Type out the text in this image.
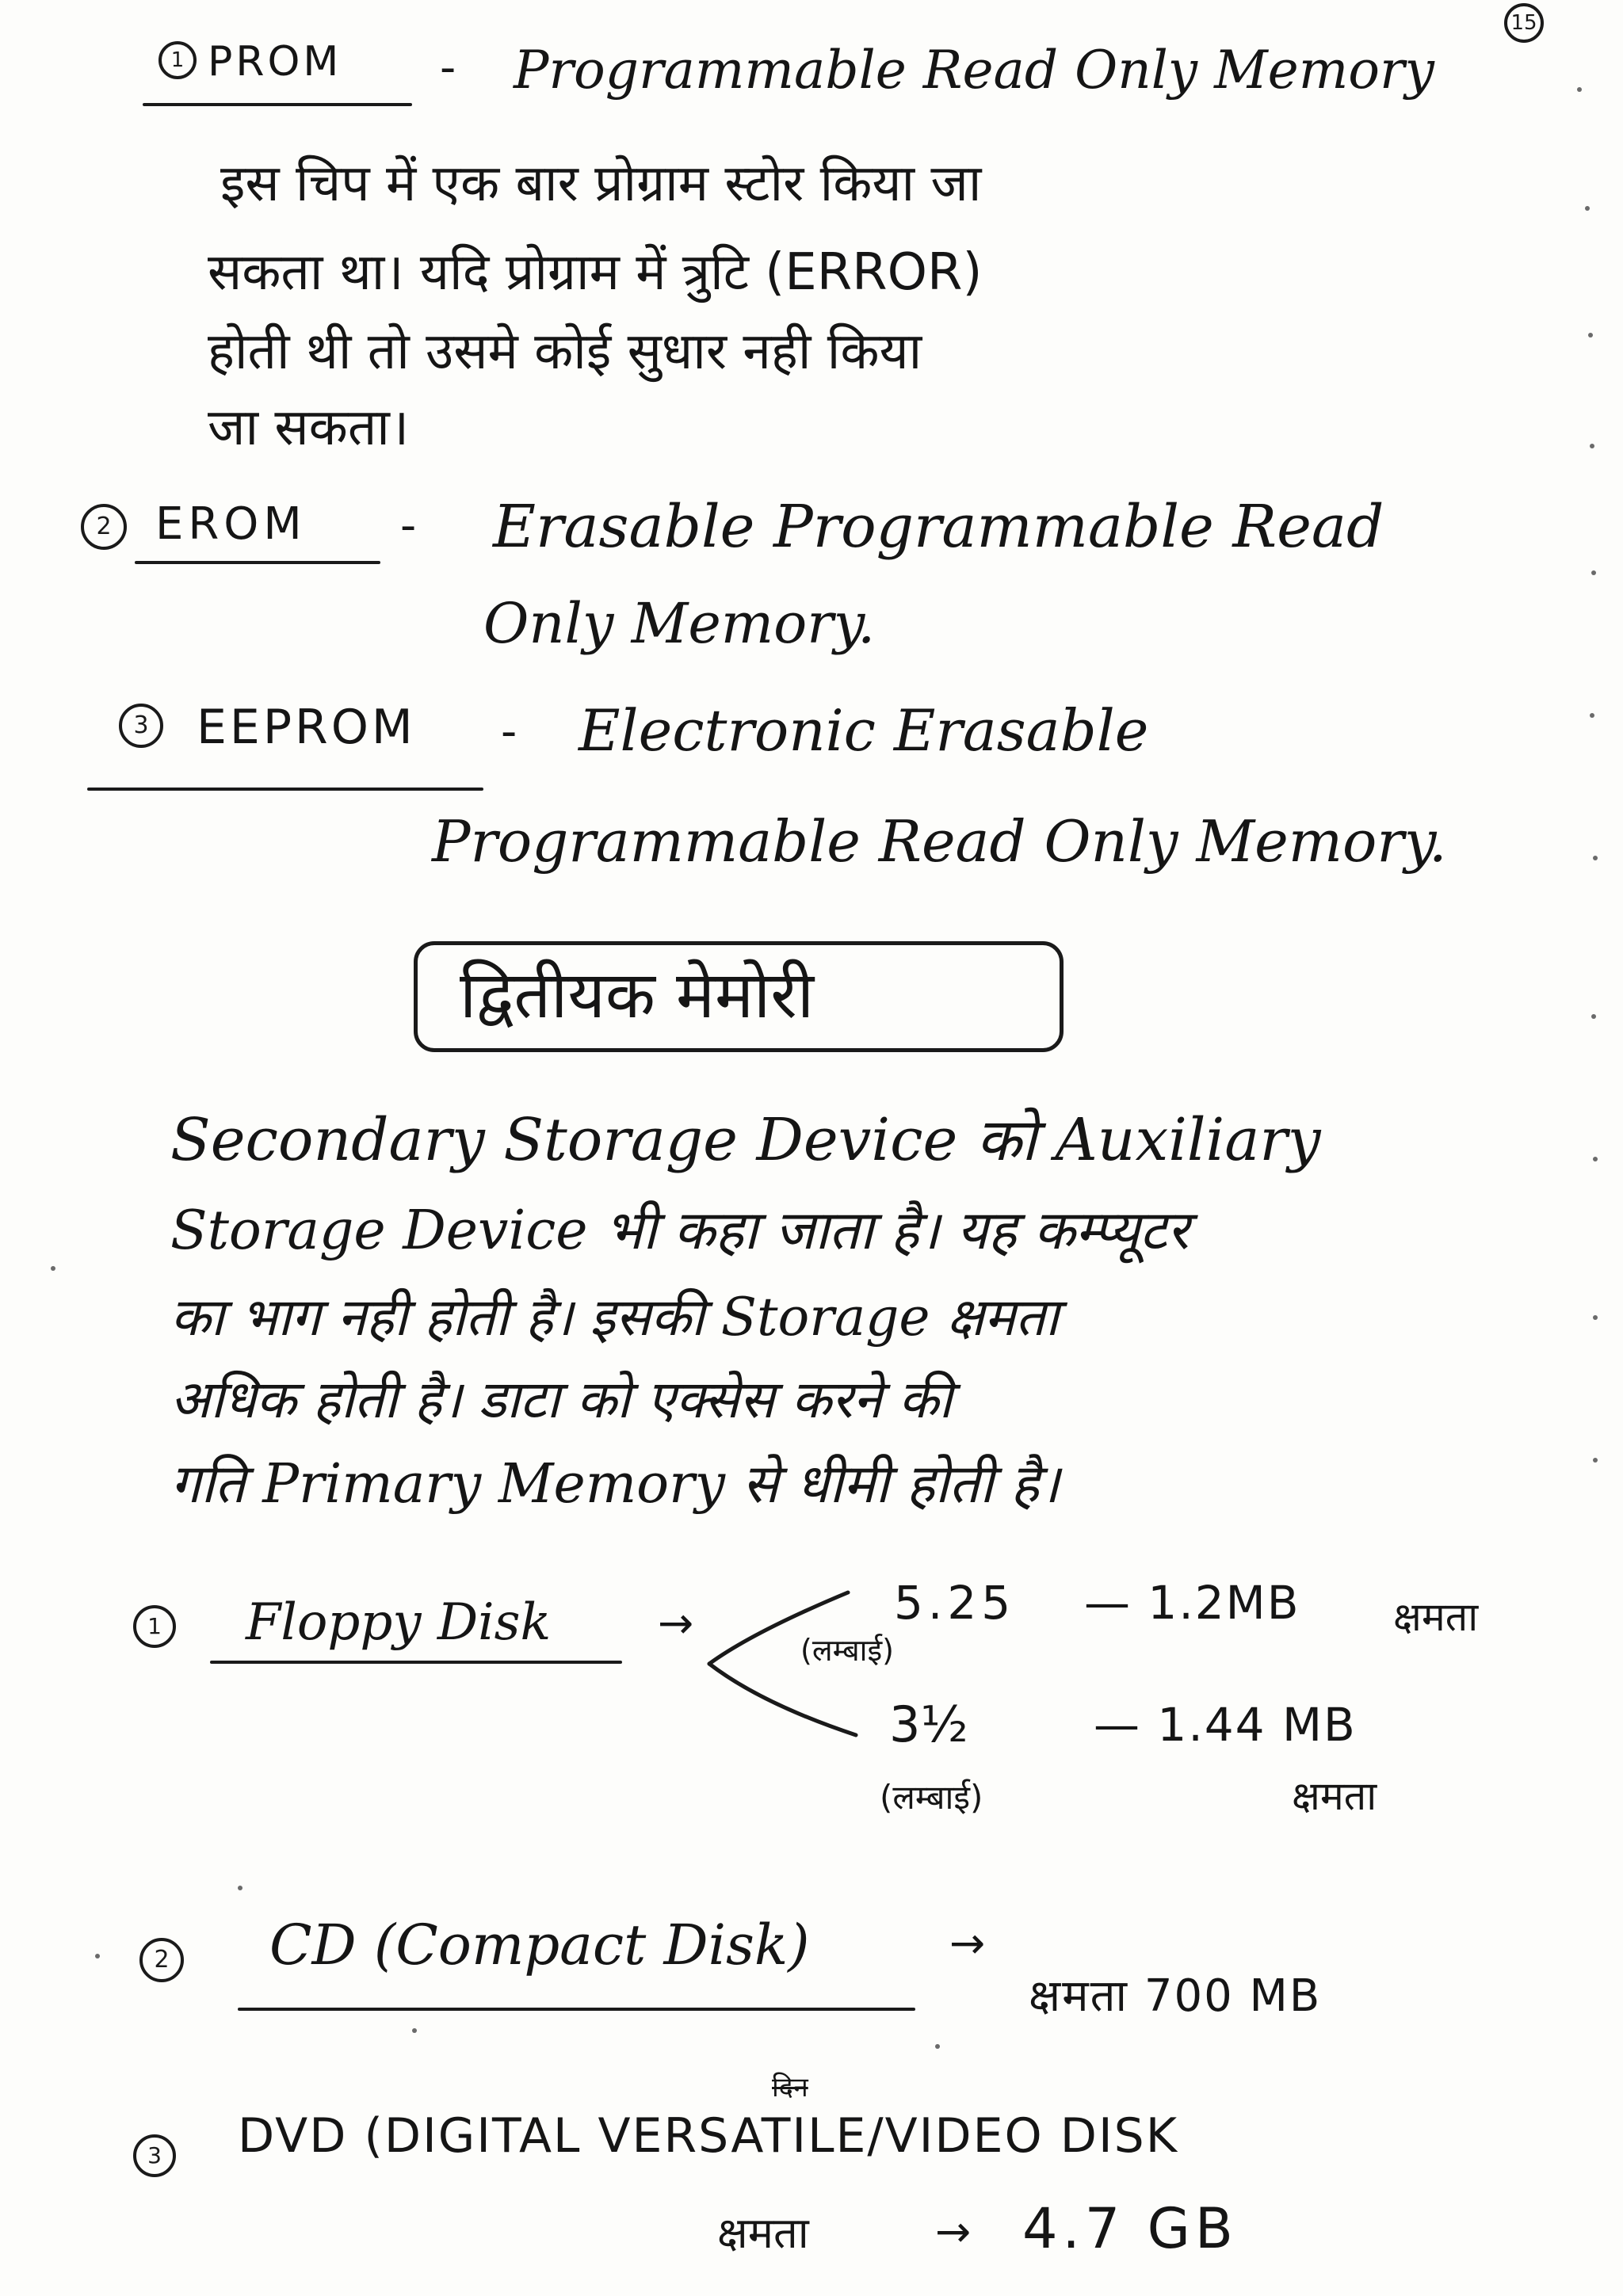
15
1 PROM - Programmable Read Only Memory
इस चिप में एक बार प्रोग्राम स्टोर किया जा
सकता था। यदि प्रोग्राम में त्रुटि (ERROR)
होती थी तो उसमे कोई सुधार नही किया
जा सकता।
2 EROM - Erasable Programmable Read
Only Memory.
3	EEPROM - Electronic Erasable
Programmable Read Only Memory.
द्वितीयक मेमोरी
Secondary Storage Device को Auxiliary
Storage Device भी कहा जाता है। यह कम्प्यूटर
का भाग नही होती है। इसकी Storage क्षमता
अधिक होती है। डाटा को एक्सेस करने की
गति Primary Memory से धीमी होती है।
1 Floppy Disk →	5.25
(लम्बाई)
— 1.2MB क्षमता
3½	— 1.44 MB
(लम्बाई)	क्षमता
2 CD (Compact Disk)	→
क्षमता 700 MB
दिन
3	DVD (DIGITAL VERSATILE/VIDEO DISK
क्षमता	→ 4.7 GB
